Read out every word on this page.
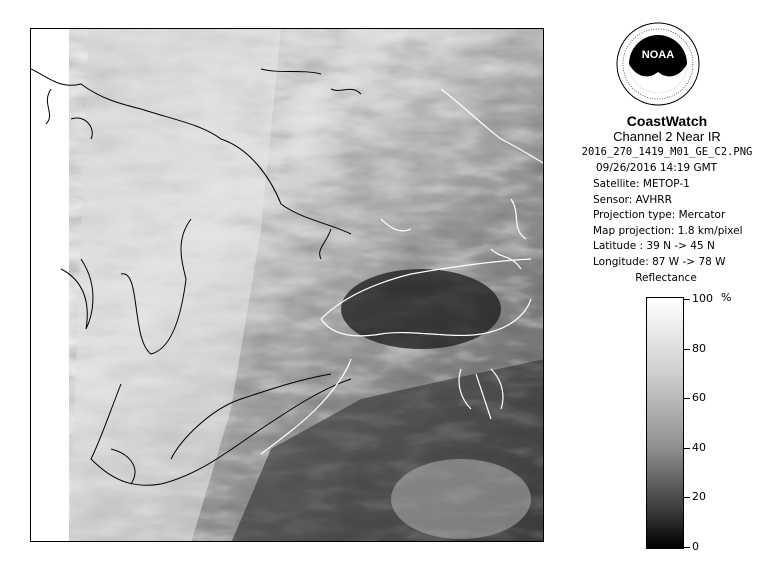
NOAA
CoastWatch
Channel 2 Near IR
2016_270_1419_M01_GE_C2.PNG
09/26/2016 14:19 GMT
Satellite: METOP-1
Sensor: AVHRR
Projection type: Mercator
Map projection: 1.8 km/pixel
Latitude : 39 N -> 45 N
Longitude: 87 W -> 78 W
Reflectance
%
100
80
60
40
20
0
